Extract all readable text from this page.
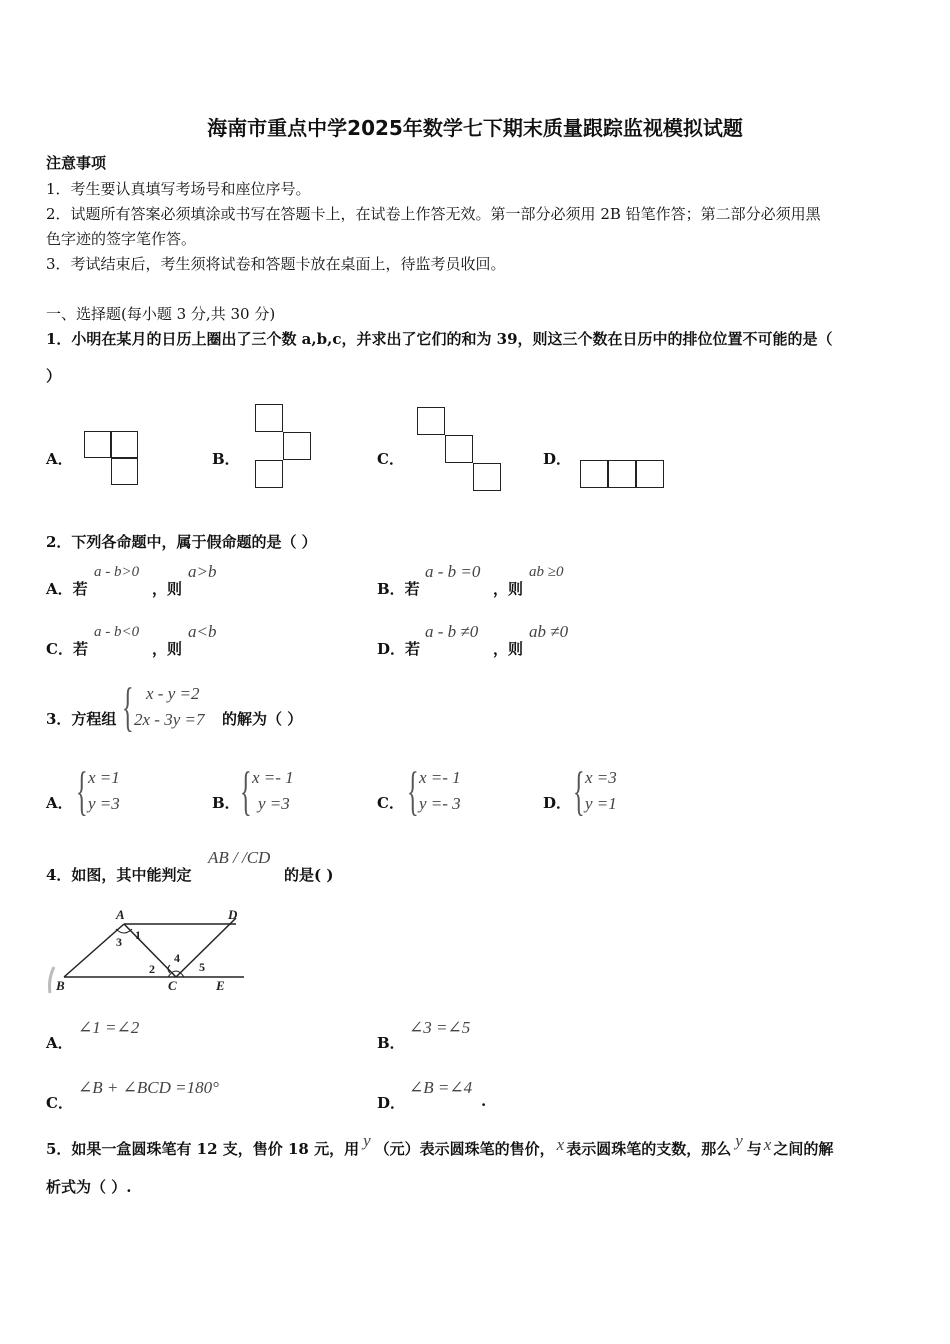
海南市重点中学2025年数学七下期末质量跟踪监视模拟试题
注意事项
1．考生要认真填写考场号和座位序号。
2．试题所有答案必须填涂或书写在答题卡上，在试卷上作答无效。第一部分必须用 2B 铅笔作答；第二部分必须用黑
色字迹的签字笔作答。
3．考试结束后，考生须将试卷和答题卡放在桌面上，待监考员收回。
一、选择题(每小题 3 分,共 30 分)
1．小明在某月的日历上圈出了三个数 a,b,c，并求出了它们的和为 39，则这三个数在日历中的排位位置不可能的是（
）
A．	B．	C．	D．
2．下列各命题中，属于假命题的是（ ）
A．若
a - b>0
，则
a>b
B．若
a - b =0
，则
ab ≥0
C．若
a - b<0
，则
a<b
D．若
a - b ≠0
，则
ab ≠0
3．方程组 { x - y =2
2x - 3y =7 的解为（ ）
A． { x =1
y =3	B． { x =- 1
y =3	C． { x =- 1
y =- 3	D． { x =3
y =1
4．如图，其中能判定
AB / /CD
的是( )
A	D
B	C	E
1
2
3
4
5
A．
∠1 =∠2
B．
∠3 =∠5
C．
∠B + ∠BCD =180°
D．
∠B =∠4
.
5．如果一盒圆珠笔有 12 支，售价 18 元，用 y （元）表示圆珠笔的售价， x 表示圆珠笔的支数，那么 y 与 x 之间的解
析式为（ ）.
